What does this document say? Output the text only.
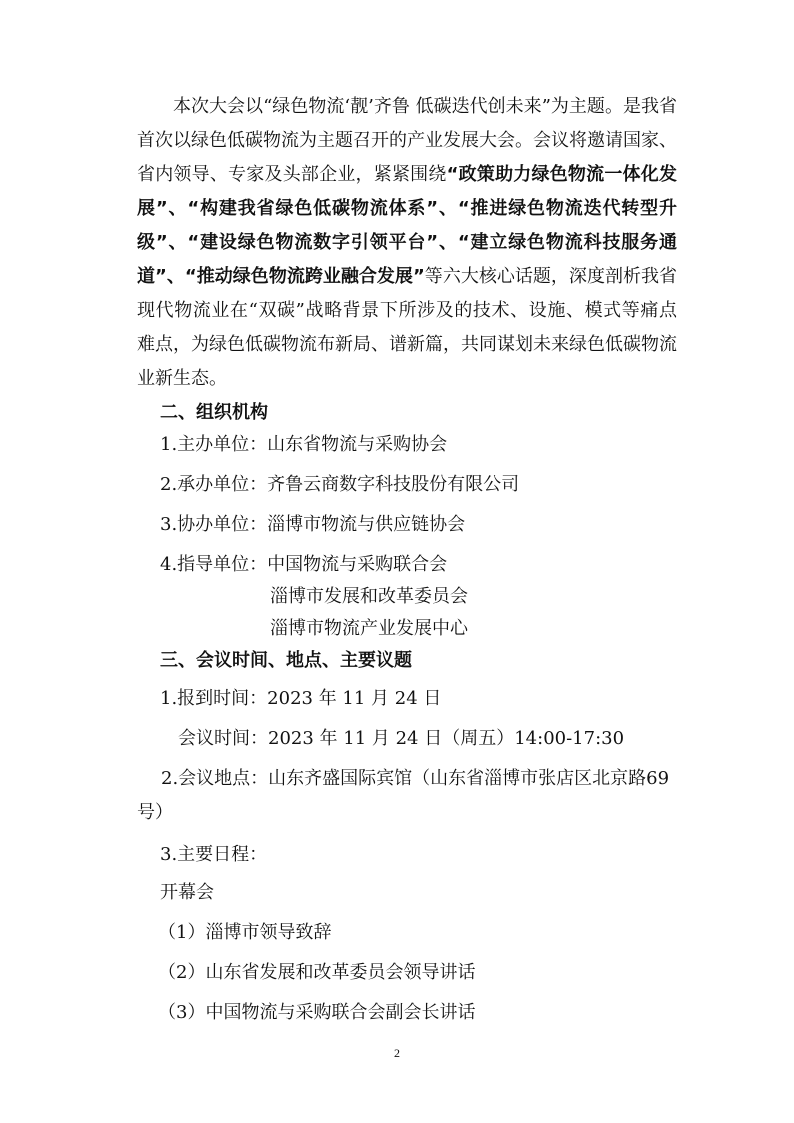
本次大会以“绿色物流‘靓’齐鲁 低碳迭代创未来”为主题。是我省首次以绿色低碳物流为主题召开的产业发展大会。会议将邀请国家、省内领导、专家及头部企业，紧紧围绕“政策助力绿色物流一体化发展”、“构建我省绿色低碳物流体系”、“推进绿色物流迭代转型升级”、“建设绿色物流数字引领平台”、“建立绿色物流科技服务通道”、“推动绿色物流跨业融合发展”等六大核心话题，深度剖析我省现代物流业在“双碳”战略背景下所涉及的技术、设施、模式等痛点难点，为绿色低碳物流布新局、谱新篇，共同谋划未来绿色低碳物流业新生态。

二、组织机构

1.主办单位：山东省物流与采购协会

2.承办单位：齐鲁云商数字科技股份有限公司

3.协办单位：淄博市物流与供应链协会

4.指导单位：中国物流与采购联合会

淄博市发展和改革委员会

淄博市物流产业发展中心

三、会议时间、地点、主要议题

1.报到时间：2023 年 11 月 24 日

会议时间：2023 年 11 月 24 日（周五）14:00-17:30

2.会议地点：山东齐盛国际宾馆（山东省淄博市张店区北京路69 号）

3.主要日程：

开幕会

（1）淄博市领导致辞

（2）山东省发展和改革委员会领导讲话

（3）中国物流与采购联合会副会长讲话

2
